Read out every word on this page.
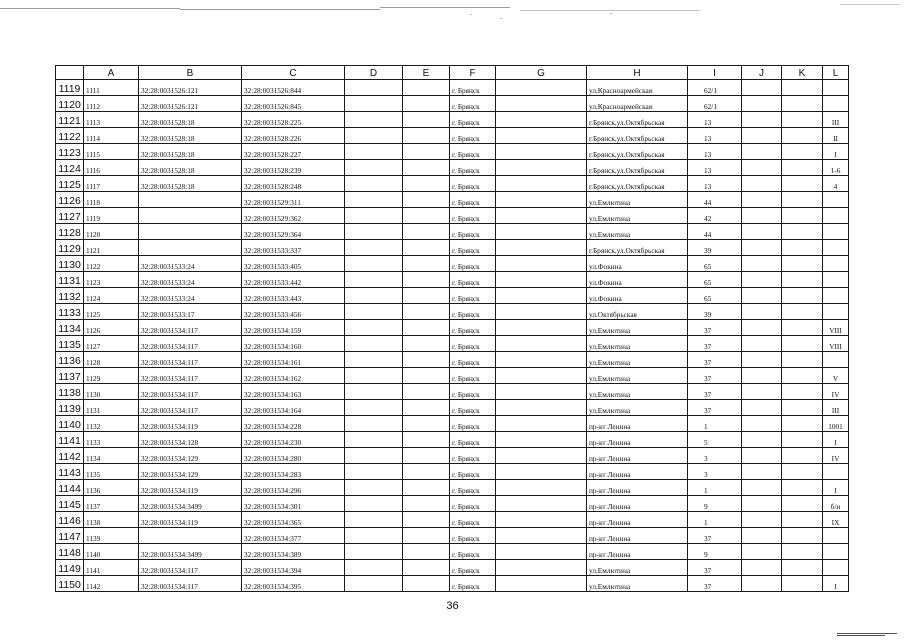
	A	B	C	D	E	F	G	H	I	J	K	L
1119	1111	32:28:0031526:121	32:28:0031526:844			г. Брянск		ул.Красноармейская	62/1			
1120	1112	32:28:0031526:121	32:28:0031526:845			г. Брянск		ул.Красноармейская	62/1			
1121	1113	32:28:0031528:18	32:28:0031528:225			г. Брянск		г.Брянск,ул.Октябрьская	13			III
1122	1114	32:28:0031528:18	32:28:0031528:226			г. Брянск		г.Брянск,ул.Октябрьская	13			II
1123	1115	32:28:0031528:18	32:28:0031528:227			г. Брянск		г.Брянск,ул.Октябрьская	13			I
1124	1116	32:28:0031528:18	32:28:0031528:239			г. Брянск		г.Брянск,ул.Октябрьская	13			1-6
1125	1117	32:28:0031528:18	32:28:0031528:248			г. Брянск		г.Брянск,ул.Октябрьская	13			4
1126	1118		32:28:0031529:311			г. Брянск		ул.Емлютина	44			
1127	1119		32:28:0031529:362			г. Брянск		ул.Емлютина	42			
1128	1120		32:28:0031529:364			г. Брянск		ул.Емлютина	44			
1129	1121		32:28:0031533:337			г. Брянск		г.Брянск,ул.Октябрьская	39			
1130	1122	32:28:0031533:24	32:28:0031533:405			г. Брянск		ул.Фокина	65			
1131	1123	32:28:0031533:24	32:28:0031533:442			г. Брянск		ул.Фокина	65			
1132	1124	32:28:0031533:24	32:28:0031533:443			г. Брянск		ул.Фокина	65			
1133	1125	32:28:0031533:17	32:28:0031533:456			г. Брянск		ул.Октябрьская	39			
1134	1126	32:28:0031534:117	32:28:0031534:159			г. Брянск		ул.Емлютина	37			VIII
1135	1127	32:28:0031534:117	32:28:0031534:160			г. Брянск		ул.Емлютина	37			VIII
1136	1128	32:28:0031534:117	32:28:0031534:161			г. Брянск		ул.Емлютина	37			
1137	1129	32:28:0031534:117	32:28:0031534:162			г. Брянск		ул.Емлютина	37			V
1138	1130	32:28:0031534:117	32:28:0031534:163			г. Брянск		ул.Емлютина	37			IV
1139	1131	32:28:0031534:117	32:28:0031534:164			г. Брянск		ул.Емлютина	37			III
1140	1132	32:28:0031534:119	32:28:0031534:228			г. Брянск		пр-кт Ленина	1			1001
1141	1133	32:28:0031534:128	32:28:0031534:230			г. Брянск		пр-кт Ленина	5			I
1142	1134	32:28:0031534:129	32:28:0031534:280			г. Брянск		пр-кт Ленина	3			IV
1143	1135	32:28:0031534:129	32:28:0031534:283			г. Брянск		пр-кт Ленина	3			
1144	1136	32:28:0031534:119	32:28:0031534:296			г. Брянск		пр-кт Ленина	1			I
1145	1137	32:28:0031534:3499	32:28:0031534:301			г. Брянск		пр-кт Ленина	9			б/н
1146	1138	32:28:0031534:119	32:28:0031534:365			г. Брянск		пр-кт Ленина	1			IX
1147	1139		32:28:0031534:377			г. Брянск		пр-кт Ленина	37			
1148	1140	32:28:0031534:3499	32:28:0031534:389			г. Брянск		пр-кт Ленина	9			
1149	1141	32:28:0031534:117	32:28:0031534:394			г. Брянск		ул.Емлютина	37			
1150	1142	32:28:0031534:117	32:28:0031534:395			г. Брянск		ул.Емлютина	37			I
36
